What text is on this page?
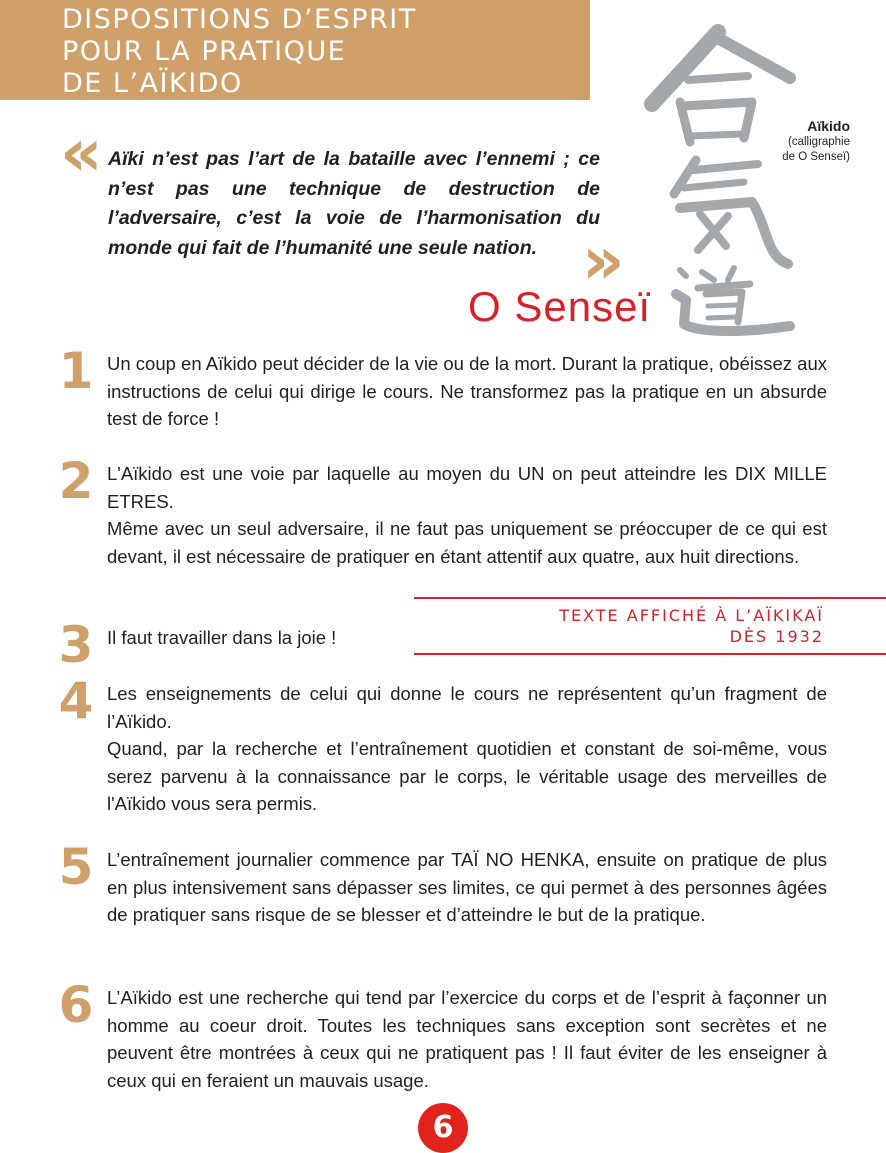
DISPOSITIONS D’ESPRIT
POUR LA PRATIQUE
DE L’AÏKIDO
Aïkido
(calligraphie
de O Senseï)
« Aïki n’est pas l’art de la bataille avec l’ennemi ; ce n’est pas une technique de destruction de l’adversaire, c’est la voie de l’harmonisation du monde qui fait de l’humanité une seule nation. »
O Senseï
1 Un coup en Aïkido peut décider de la vie ou de la mort. Durant la pratique, obéissez aux instructions de celui qui dirige le cours. Ne transformez pas la pratique en un absurde test de force !

2 L'Aïkido est une voie par laquelle au moyen du UN on peut atteindre les DIX MILLE ETRES.

Même avec un seul adversaire, il ne faut pas uniquement se préoccuper de ce qui est devant, il est nécessaire de pratiquer en étant attentif aux quatre, aux huit directions.

3 Il faut travailler dans la joie !

TEXTE AFFICHÉ À L’AÏKIKAÏ
DÈS 1932
4 Les enseignements de celui qui donne le cours ne représentent qu’un fragment de l’Aïkido.

Quand, par la recherche et l’entraînement quotidien et constant de soi-même, vous serez parvenu à la connaissance par le corps, le véritable usage des merveilles de l'Aïkido vous sera permis.

5 L’entraînement journalier commence par TAÏ NO HENKA, ensuite on pratique de plus en plus intensivement sans dépasser ses limites, ce qui permet à des personnes âgées de pratiquer sans risque de se blesser et d’atteindre le but de la pratique.

6 L’Aïkido est une recherche qui tend par l’exercice du corps et de l’esprit à façonner un homme au coeur droit. Toutes les techniques sans exception sont secrètes et ne peuvent être montrées à ceux qui ne pratiquent pas ! Il faut éviter de les enseigner à ceux qui en feraient un mauvais usage.

6
